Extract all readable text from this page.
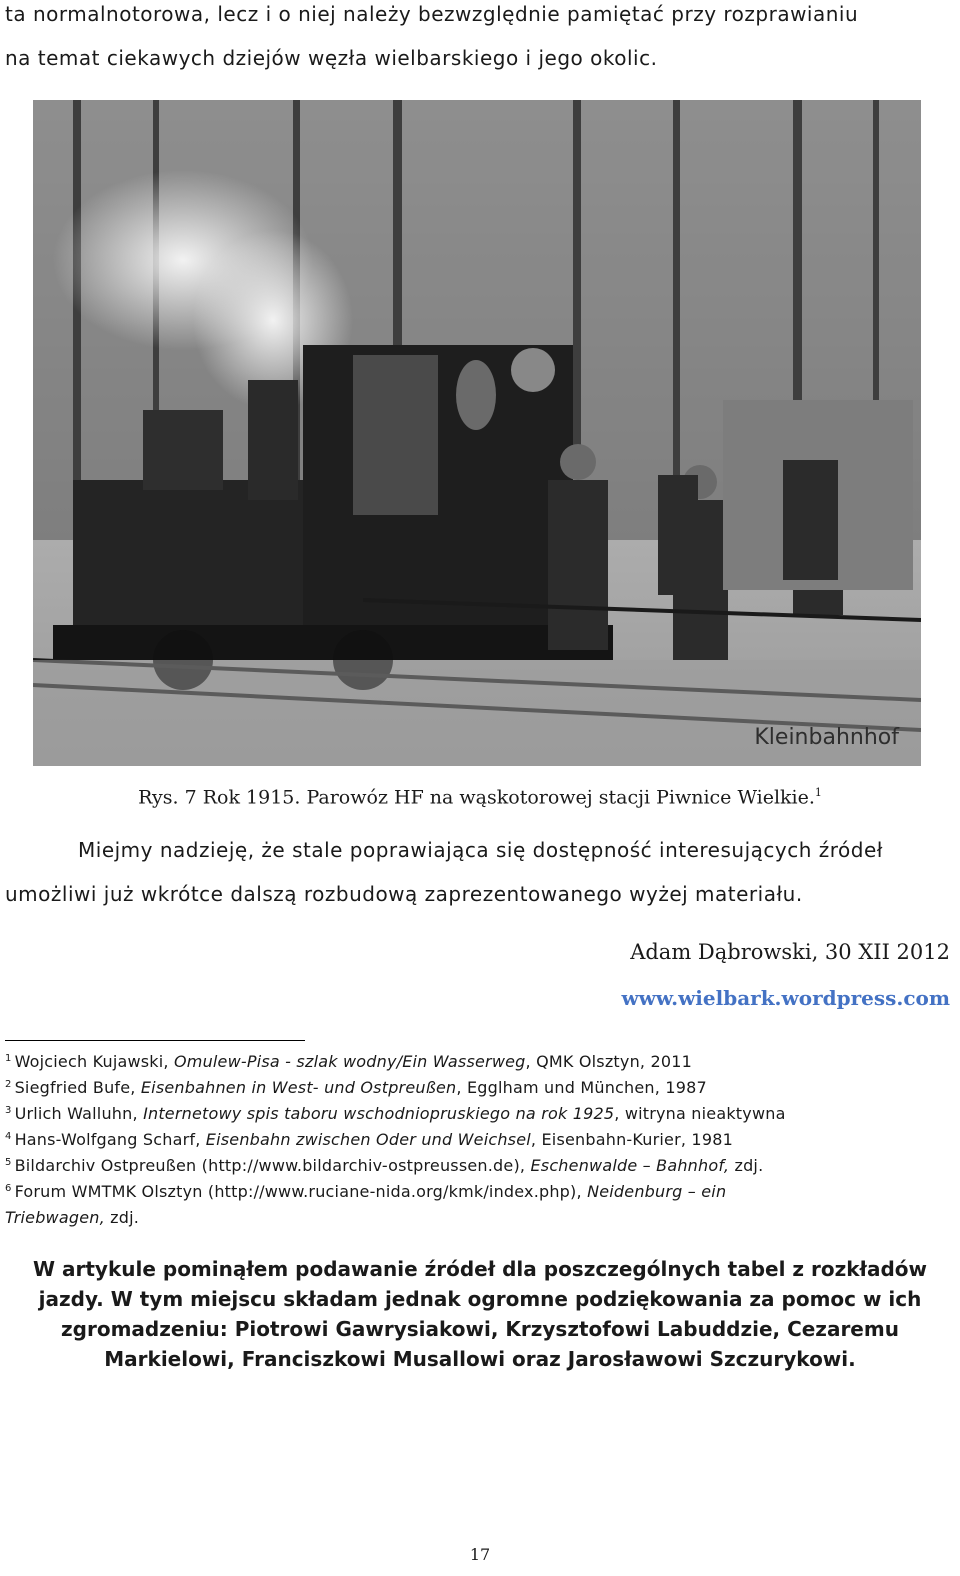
ta normalnotorowa, lecz i o niej należy bezwzględnie pamiętać przy rozprawianiu
na temat ciekawych dziejów węzła wielbarskiego i jego okolic.
Kleinbahnhof
Rys. 7 Rok 1915. Parowóz HF na wąskotorowej stacji Piwnice Wielkie.$^1$
Miejmy nadzieję, że stale poprawiająca się dostępność interesujących źródeł
umożliwi już wkrótce dalszą rozbudową zaprezentowanego wyżej materiału.
Adam Dąbrowski, 30 XII 2012
www.wielbark.wordpress.com
$^1$ Wojciech Kujawski, Omulew-Pisa - szlak wodny/Ein Wasserweg, QMK Olsztyn, 2011
$^2$ Siegfried Bufe, Eisenbahnen in West- und Ostpreußen, Egglham und München, 1987
$^3$ Urlich Walluhn, Internetowy spis taboru wschodniopruskiego na rok 1925, witryna nieaktywna
$^4$ Hans-Wolfgang Scharf, Eisenbahn zwischen Oder und Weichsel, Eisenbahn-Kurier, 1981
$^5$ Bildarchiv Ostpreußen (http://www.bildarchiv-ostpreussen.de), Eschenwalde – Bahnhof, zdj.
$^6$ Forum WMTMK Olsztyn (http://www.ruciane-nida.org/kmk/index.php), Neidenburg – ein
Triebwagen, zdj.
W artykule pominąłem podawanie źródeł dla poszczególnych tabel z rozkładów
jazdy. W tym miejscu składam jednak ogromne podziękowania za pomoc w ich
zgromadzeniu: Piotrowi Gawrysiakowi, Krzysztofowi Labuddzie, Cezaremu
Markielowi, Franciszkowi Musallowi oraz Jarosławowi Szczurykowi.
17
